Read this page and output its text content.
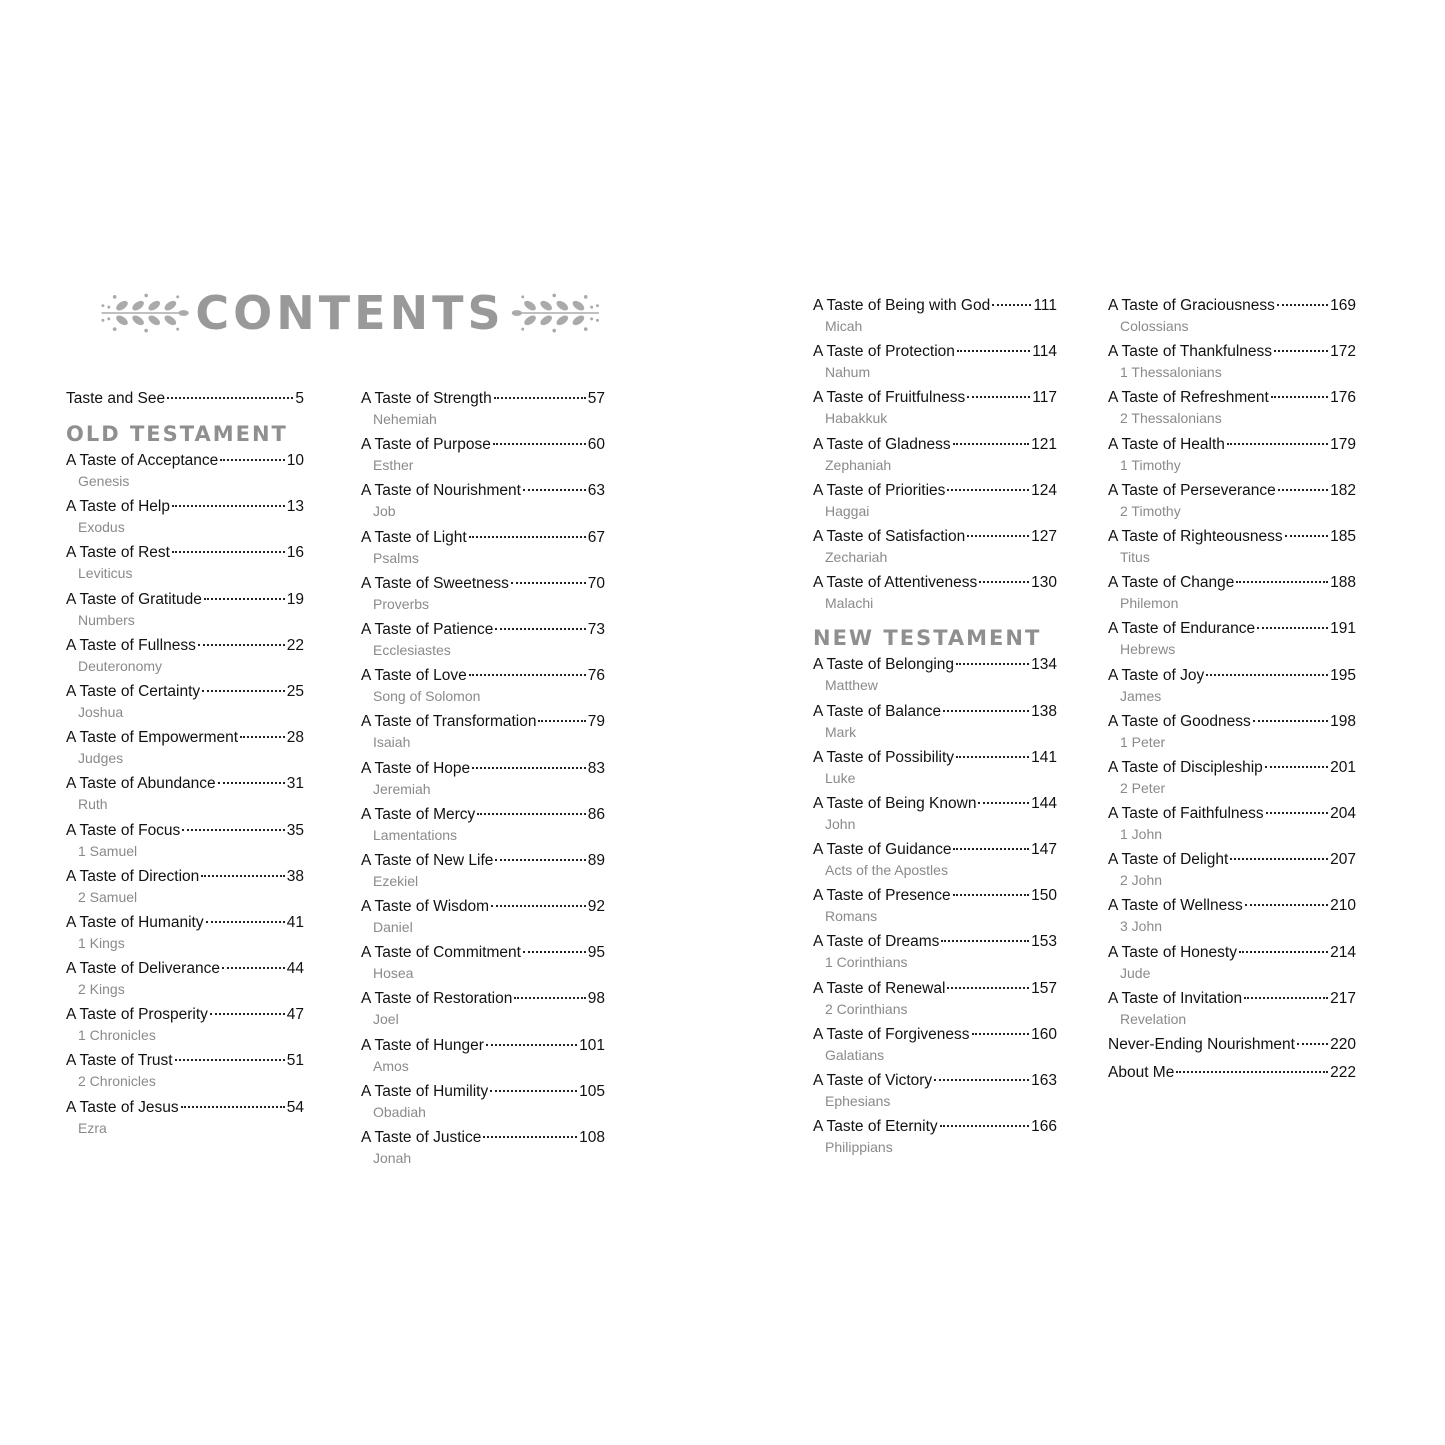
CONTENTS
Taste and See	5
OLD TESTAMENT
A Taste of Acceptance	10
Genesis
A Taste of Help	13
Exodus
A Taste of Rest	16
Leviticus
A Taste of Gratitude	19
Numbers
A Taste of Fullness	22
Deuteronomy
A Taste of Certainty	25
Joshua
A Taste of Empowerment	28
Judges
A Taste of Abundance	31
Ruth
A Taste of Focus	35
1 Samuel
A Taste of Direction	38
2 Samuel
A Taste of Humanity	41
1 Kings
A Taste of Deliverance	44
2 Kings
A Taste of Prosperity	47
1 Chronicles
A Taste of Trust	51
2 Chronicles
A Taste of Jesus	54
Ezra
A Taste of Strength	57
Nehemiah
A Taste of Purpose	60
Esther
A Taste of Nourishment	63
Job
A Taste of Light	67
Psalms
A Taste of Sweetness	70
Proverbs
A Taste of Patience	73
Ecclesiastes
A Taste of Love	76
Song of Solomon
A Taste of Transformation	79
Isaiah
A Taste of Hope	83
Jeremiah
A Taste of Mercy	86
Lamentations
A Taste of New Life	89
Ezekiel
A Taste of Wisdom	92
Daniel
A Taste of Commitment	95
Hosea
A Taste of Restoration	98
Joel
A Taste of Hunger	101
Amos
A Taste of Humility	105
Obadiah
A Taste of Justice	108
Jonah
A Taste of Being with God	111
Micah
A Taste of Protection	114
Nahum
A Taste of Fruitfulness	117
Habakkuk
A Taste of Gladness	121
Zephaniah
A Taste of Priorities	124
Haggai
A Taste of Satisfaction	127
Zechariah
A Taste of Attentiveness	130
Malachi
NEW TESTAMENT
A Taste of Belonging	134
Matthew
A Taste of Balance	138
Mark
A Taste of Possibility	141
Luke
A Taste of Being Known	144
John
A Taste of Guidance	147
Acts of the Apostles
A Taste of Presence	150
Romans
A Taste of Dreams	153
1 Corinthians
A Taste of Renewal	157
2 Corinthians
A Taste of Forgiveness	160
Galatians
A Taste of Victory	163
Ephesians
A Taste of Eternity	166
Philippians
A Taste of Graciousness	169
Colossians
A Taste of Thankfulness	172
1 Thessalonians
A Taste of Refreshment	176
2 Thessalonians
A Taste of Health	179
1 Timothy
A Taste of Perseverance	182
2 Timothy
A Taste of Righteousness	185
Titus
A Taste of Change	188
Philemon
A Taste of Endurance	191
Hebrews
A Taste of Joy	195
James
A Taste of Goodness	198
1 Peter
A Taste of Discipleship	201
2 Peter
A Taste of Faithfulness	204
1 John
A Taste of Delight	207
2 John
A Taste of Wellness	210
3 John
A Taste of Honesty	214
Jude
A Taste of Invitation	217
Revelation
Never-Ending Nourishment 220
About Me	222
